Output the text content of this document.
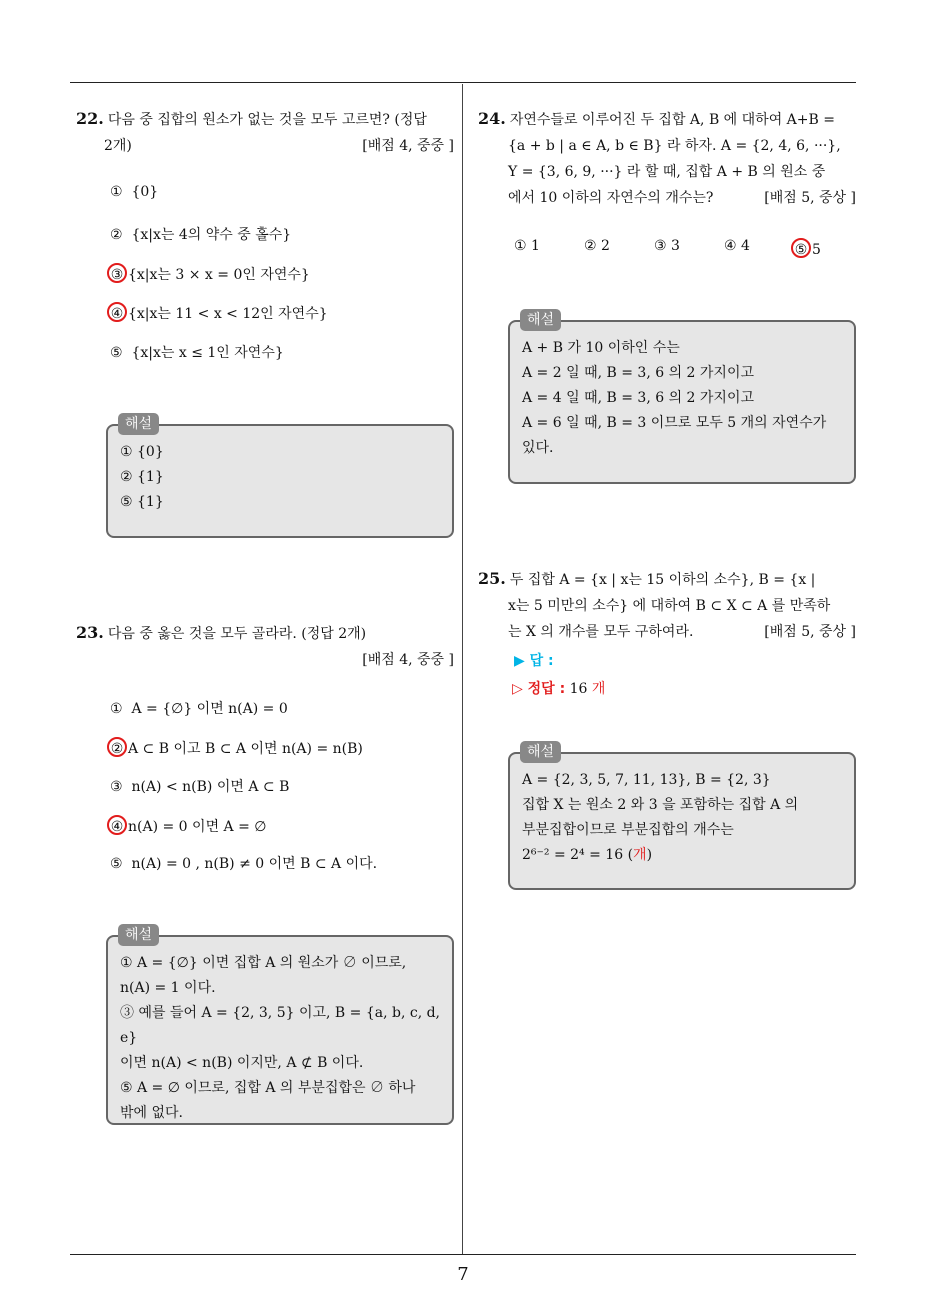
7
22. 다음 중 집합의 원소가 없는 것을 모두 고르면? (정답
2개)	[배점 4, 중중 ]
① {0}
② {x|x는 4의 약수 중 홀수}
③ {x|x는 3 × x = 0인 자연수}
④ {x|x는 11 < x < 12인 자연수}
⑤ {x|x는 x ≤ 1인 자연수}
해설
① {0}
② {1}
⑤ {1}
23. 다음 중 옳은 것을 모두 골라라. (정답 2개)
[배점 4, 중중 ]
① A = {∅} 이면 n(A) = 0
② A ⊂ B 이고 B ⊂ A 이면 n(A) = n(B)
③ n(A) < n(B) 이면 A ⊂ B
④ n(A) = 0 이면 A = ∅
⑤ n(A) = 0 , n(B) ≠ 0 이면 B ⊂ A 이다.
해설
① A = {∅} 이면 집합 A 의 원소가 ∅ 이므로,
n(A) = 1 이다.
③ 예를 들어 A = {2, 3, 5} 이고, B = {a, b, c, d, e}
이면 n(A) < n(B) 이지만, A ⊄ B 이다.
⑤ A = ∅ 이므로, 집합 A 의 부분집합은 ∅ 하나
밖에 없다.
24. 자연수들로 이루어진 두 집합 A, B 에 대하여 A+B =
{a + b | a ∈ A, b ∈ B} 라 하자. A = {2, 4, 6, ···},
Y = {3, 6, 9, ···} 라 할 때, 집합 A + B 의 원소 중
에서 10 이하의 자연수의 개수는?	[배점 5, 중상 ]
① 1	② 2	③ 3	④ 4	⑤ 5
해설
A + B 가 10 이하인 수는
A = 2 일 때, B = 3, 6 의 2 가지이고
A = 4 일 때, B = 3, 6 의 2 가지이고
A = 6 일 때, B = 3 이므로 모두 5 개의 자연수가
있다.
25. 두 집합 A = {x | x는 15 이하의 소수}, B = {x |
x는 5 미만의 소수} 에 대하여 B ⊂ X ⊂ A 를 만족하
는 X 의 개수를 모두 구하여라.	[배점 5, 중상 ]
▶ 답 :
▷ 정답 : 16 개
해설
A = {2, 3, 5, 7, 11, 13}, B = {2, 3}
집합 X 는 원소 2 와 3 을 포함하는 집합 A 의
부분집합이므로 부분집합의 개수는
2⁶⁻² = 2⁴ = 16 (개)
